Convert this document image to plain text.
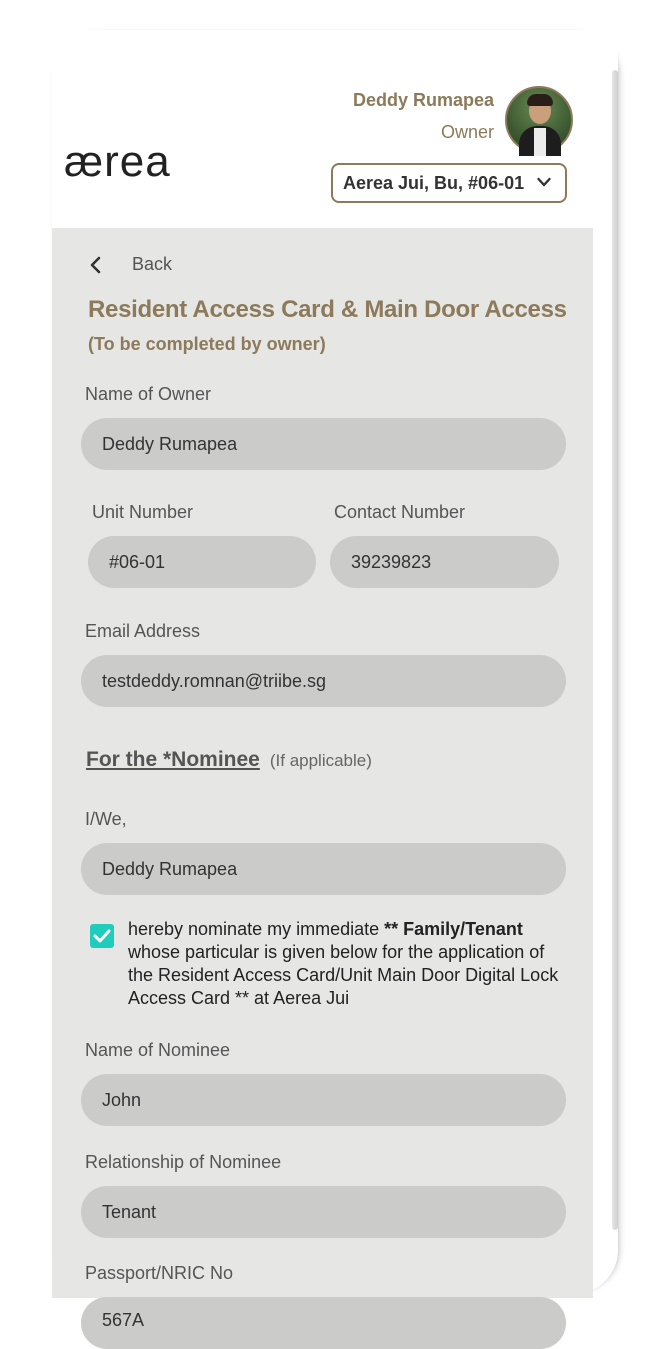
ærea
Deddy Rumapea
Owner
Aerea Jui, Bu, #06-01
Back
Resident Access Card & Main Door Access
(To be completed by owner)
Name of Owner
Deddy Rumapea
Unit Number	Contact Number
#06-01	39239823
Email Address
testdeddy.romnan@triibe.sg
For the *Nominee (If applicable)
I/We,
Deddy Rumapea
hereby nominate my immediate ** Family/Tenant whose particular is given below for the application of the Resident Access Card/Unit Main Door Digital Lock Access Card ** at Aerea Jui
Name of Nominee
John
Relationship of Nominee
Tenant
Passport/NRIC No
567A
